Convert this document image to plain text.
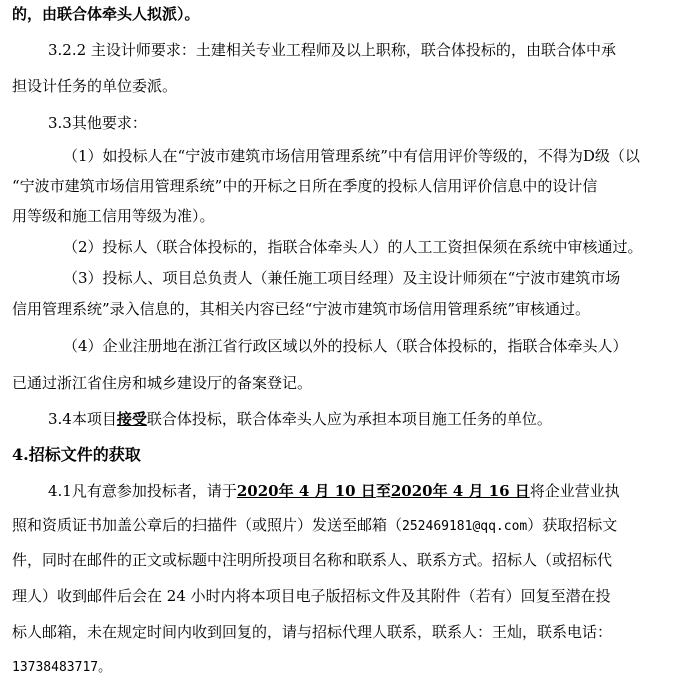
的，由联合体牵头人拟派）。
3.2.2 主设计师要求：土建相关专业工程师及以上职称，联合体投标的，由联合体中承
担设计任务的单位委派。
3.3其他要求：
（1）如投标人在“宁波市建筑市场信用管理系统”中有信用评价等级的，不得为D级（以
“宁波市建筑市场信用管理系统”中的开标之日所在季度的投标人信用评价信息中的设计信
用等级和施工信用等级为准）。
（2）投标人（联合体投标的，指联合体牵头人）的人工工资担保须在系统中审核通过。
（3）投标人、项目总负责人（兼任施工项目经理）及主设计师须在“宁波市建筑市场
信用管理系统”录入信息的，其相关内容已经“宁波市建筑市场信用管理系统”审核通过。
（4）企业注册地在浙江省行政区域以外的投标人（联合体投标的，指联合体牵头人）
已通过浙江省住房和城乡建设厅的备案登记。
3.4本项目接受联合体投标，联合体牵头人应为承担本项目施工任务的单位。
4.招标文件的获取
4.1凡有意参加投标者，请于2020年 4 月 10 日至2020年 4 月 16 日将企业营业执
照和资质证书加盖公章后的扫描件（或照片）发送至邮箱（252469181@qq.com）获取招标文
件，同时在邮件的正文或标题中注明所投项目名称和联系人、联系方式。招标人（或招标代
理人）收到邮件后会在 24 小时内将本项目电子版招标文件及其附件（若有）回复至潜在投
标人邮箱，未在规定时间内收到回复的，请与招标代理人联系，联系人：王灿，联系电话：
13738483717。
